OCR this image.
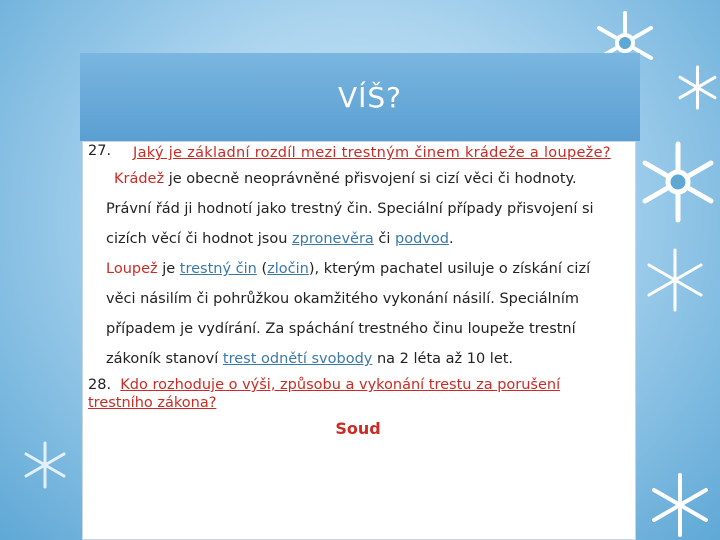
VÍŠ?

27. Jaký je základní rozdíl mezi trestným činem krádeže a loupeže?

Krádež je obecně neoprávněné přisvojení si cizí věci či hodnoty.

Právní řád ji hodnotí jako trestný čin. Speciální případy přisvojení si

cizích věcí či hodnot jsou zpronevěra či podvod.

Loupež je trestný čin (zločin), kterým pachatel usiluje o získání cizí

věci násilím či pohrůžkou okamžitého vykonání násilí. Speciálním

případem je vydírání. Za spáchání trestného činu loupeže trestní

zákoník stanoví trest odnětí svobody na 2 léta až 10 let.

28. Kdo rozhoduje o výši, způsobu a vykonání trestu za porušení trestního zákona?

Soud
